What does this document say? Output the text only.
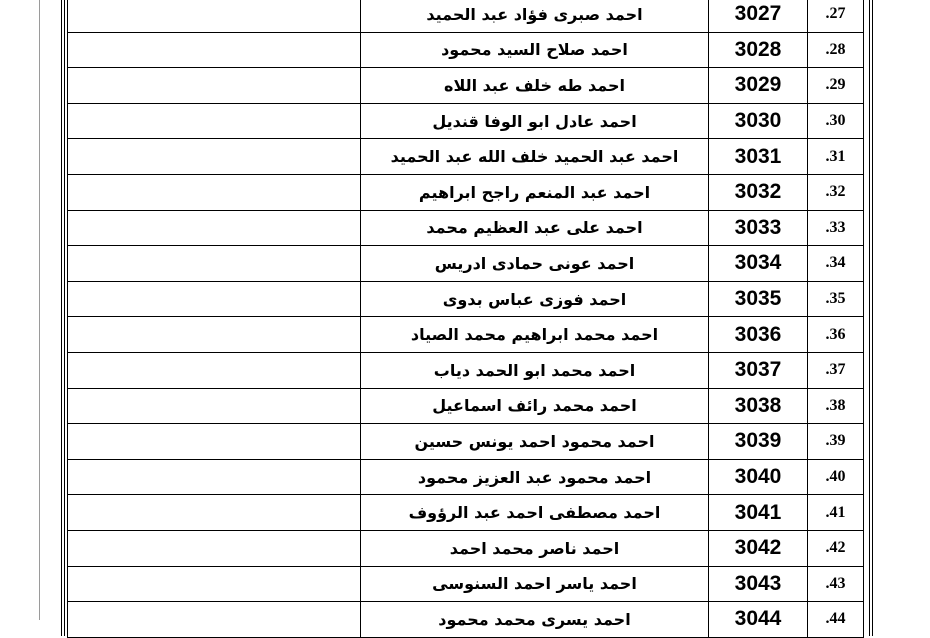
	احمد صبرى فؤاد عبد الحميد	3027	.27
	احمد صلاح السيد محمود	3028	.28
	احمد طه خلف عبد اللاه	3029	.29
	احمد عادل ابو الوفا قنديل	3030	.30
	احمد عبد الحميد خلف الله عبد الحميد	3031	.31
	احمد عبد المنعم راجح ابراهيم	3032	.32
	احمد على عبد العظيم محمد	3033	.33
	احمد عونى حمادى ادريس	3034	.34
	احمد فوزى عباس بدوى	3035	.35
	احمد محمد ابراهيم محمد الصياد	3036	.36
	احمد محمد ابو الحمد دياب	3037	.37
	احمد محمد رائف اسماعيل	3038	.38
	احمد محمود احمد يونس حسين	3039	.39
	احمد محمود عبد العزيز محمود	3040	.40
	احمد مصطفى احمد عبد الرؤوف	3041	.41
	احمد ناصر محمد احمد	3042	.42
	احمد ياسر احمد السنوسى	3043	.43
	احمد يسرى محمد محمود	3044	.44
